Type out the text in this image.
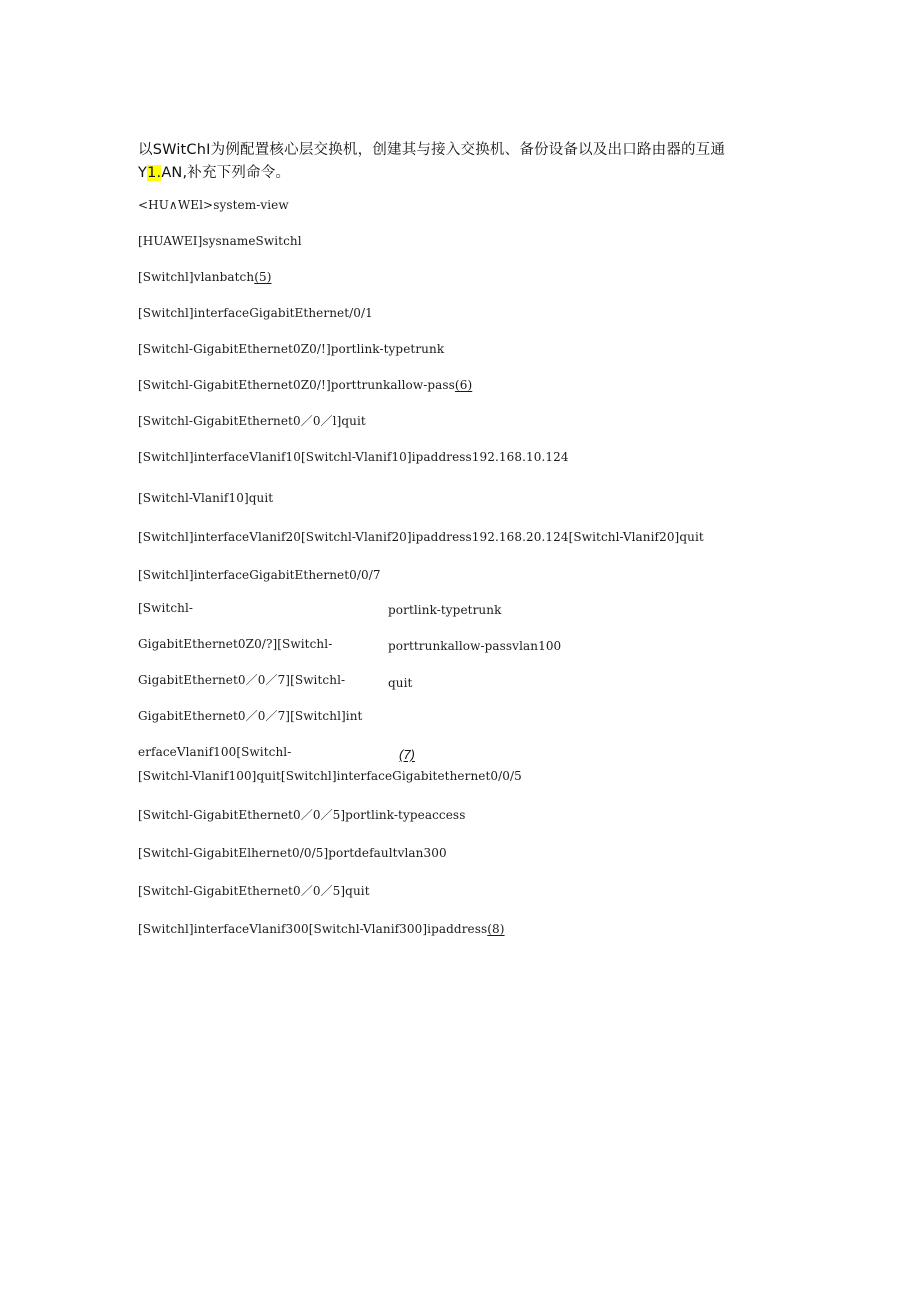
以SWitChI为例配置核心层交换机，创建其与接入交换机、备份设备以及出口路由器的互通
Y1.AN,补充下列命令。
<HU∧WEl>system-view
[HUAWEI]sysnameSwitchl
[Switchl]vlanbatch(5)
[Switchl]interfaceGigabitEthernet/0/1
[Switchl-GigabitEthernet0Z0/!]portlink-typetrunk
[Switchl-GigabitEthernet0Z0/!]porttrunkallow-pass(6)
[Switchl-GigabitEthernet0／0／l]quit
[Switchl]interfaceVlanif10[Switchl-Vlanif10]ipaddress192.168.10.124
[Switchl-Vlanif10]quit
[Switchl]interfaceVlanif20[Switchl-Vlanif20]ipaddress192.168.20.124[Switchl-Vlanif20]quit
[Switchl]interfaceGigabitEthernet0/0/7
[Switchl-	portlink-typetrunk
GigabitEthernet0Z0/?][Switchl-	porttrunkallow-passvlan100
GigabitEthernet0／0／7][Switchl-	quit
GigabitEthernet0／0／7][Switchl]int
erfaceVlanif100[Switchl-	(7)
[Switchl-Vlanif100]quit[Switchl]interfaceGigabitethernet0/0/5
[Switchl-GigabitEthernet0／0／5]portlink-typeaccess
[Switchl-GigabitElhernet0/0/5]portdefaultvlan300
[Switchl-GigabitEthernet0／0／5]quit
[Switchl]interfaceVlanif300[Switchl-Vlanif300]ipaddress(8)
